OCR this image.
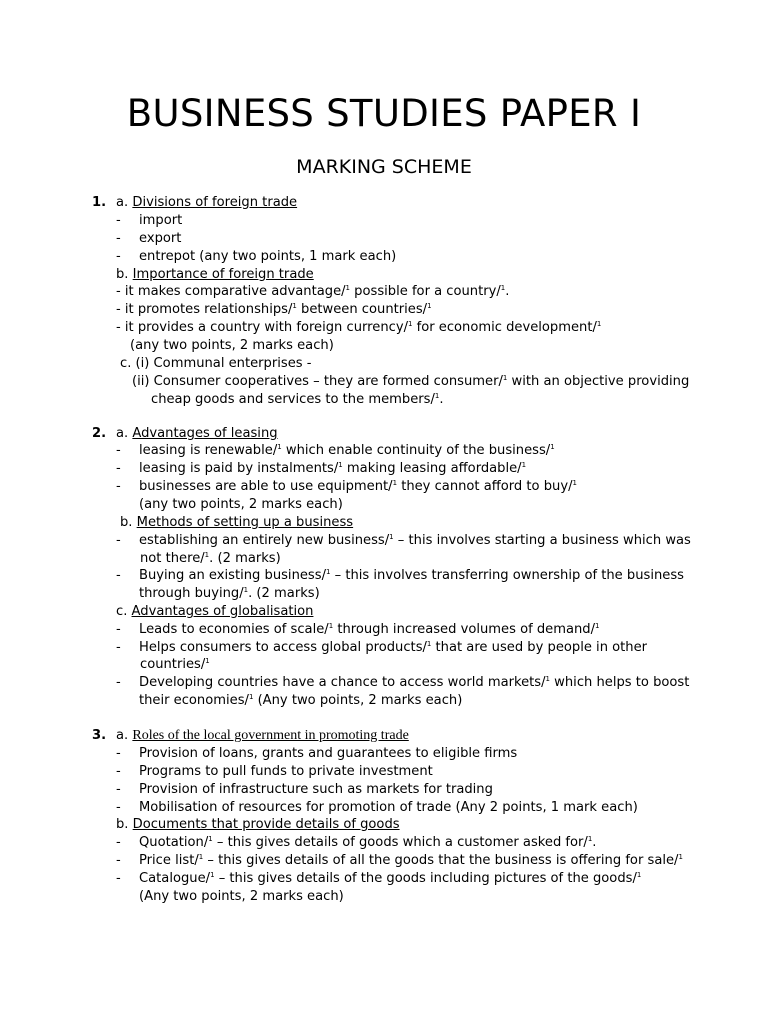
BUSINESS STUDIES PAPER I
MARKING SCHEME
1. a. Divisions of foreign trade
- import
- export
- entrepot (any two points, 1 mark each)
b. Importance of foreign trade
- it makes comparative advantage/$^1$ possible for a country/$^1$.
- it promotes relationships/$^1$ between countries/$^1$
- it provides a country with foreign currency/$^1$ for economic development/$^1$
(any two points, 2 marks each)
c. (i) Communal enterprises -
(ii) Consumer cooperatives – they are formed consumer/$^1$ with an objective providing
cheap goods and services to the members/$^1$.
2. a. Advantages of leasing
- leasing is renewable/$^1$ which enable continuity of the business/$^1$
- leasing is paid by instalments/$^1$ making leasing affordable/$^1$
- businesses are able to use equipment/$^1$ they cannot afford to buy/$^1$
(any two points, 2 marks each)
b. Methods of setting up a business
- establishing an entirely new business/$^1$ – this involves starting a business which was
not there/$^1$. (2 marks)
- Buying an existing business/$^1$ – this involves transferring ownership of the business
through buying/$^1$. (2 marks)
c. Advantages of globalisation
- Leads to economies of scale/$^1$ through increased volumes of demand/$^1$
- Helps consumers to access global products/$^1$ that are used by people in other
countries/$^1$
- Developing countries have a chance to access world markets/$^1$ which helps to boost
their economies/$^1$ (Any two points, 2 marks each)
3. a. Roles of the local government in promoting trade
- Provision of loans, grants and guarantees to eligible firms
- Programs to pull funds to private investment
- Provision of infrastructure such as markets for trading
- Mobilisation of resources for promotion of trade (Any 2 points, 1 mark each)
b. Documents that provide details of goods
- Quotation/$^1$ – this gives details of goods which a customer asked for/$^1$.
- Price list/$^1$ – this gives details of all the goods that the business is offering for sale/$^1$
- Catalogue/$^1$ – this gives details of the goods including pictures of the goods/$^1$
(Any two points, 2 marks each)
